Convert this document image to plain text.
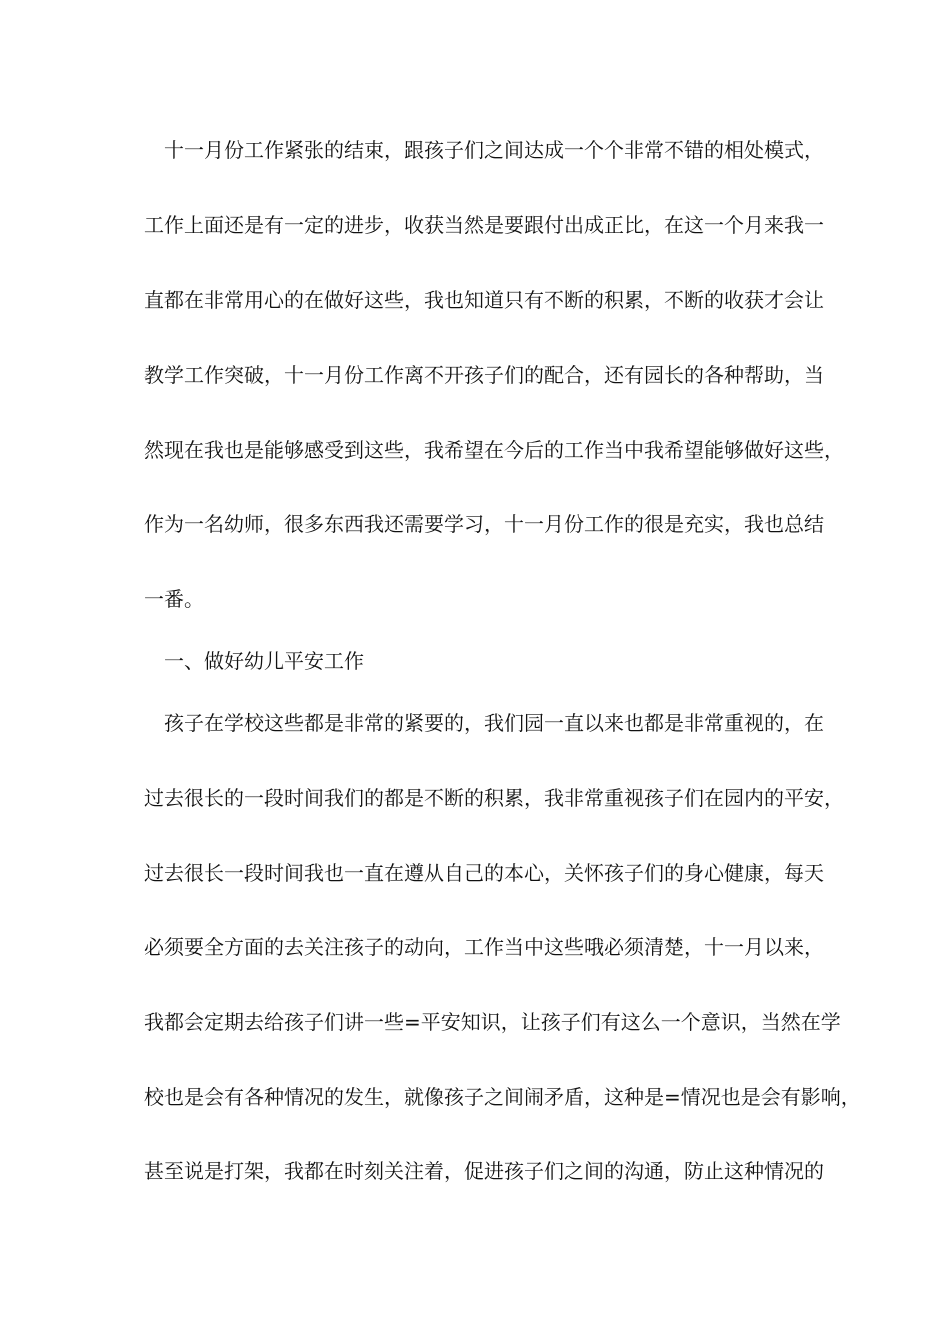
十一月份工作紧张的结束，跟孩子们之间达成一个个非常不错的相处模式，
工作上面还是有一定的进步，收获当然是要跟付出成正比，在这一个月来我一
直都在非常用心的在做好这些，我也知道只有不断的积累，不断的收获才会让
教学工作突破，十一月份工作离不开孩子们的配合，还有园长的各种帮助，当
然现在我也是能够感受到这些，我希望在今后的工作当中我希望能够做好这些，
作为一名幼师，很多东西我还需要学习，十一月份工作的很是充实，我也总结
一番。
一、做好幼儿平安工作
孩子在学校这些都是非常的紧要的，我们园一直以来也都是非常重视的，在
过去很长的一段时间我们的都是不断的积累，我非常重视孩子们在园内的平安，
过去很长一段时间我也一直在遵从自己的本心，关怀孩子们的身心健康，每天
必须要全方面的去关注孩子的动向，工作当中这些哦必须清楚，十一月以来，
我都会定期去给孩子们讲一些=平安知识，让孩子们有这么一个意识，当然在学
校也是会有各种情况的发生，就像孩子之间闹矛盾，这种是=情况也是会有影响，
甚至说是打架，我都在时刻关注着，促进孩子们之间的沟通，防止这种情况的
